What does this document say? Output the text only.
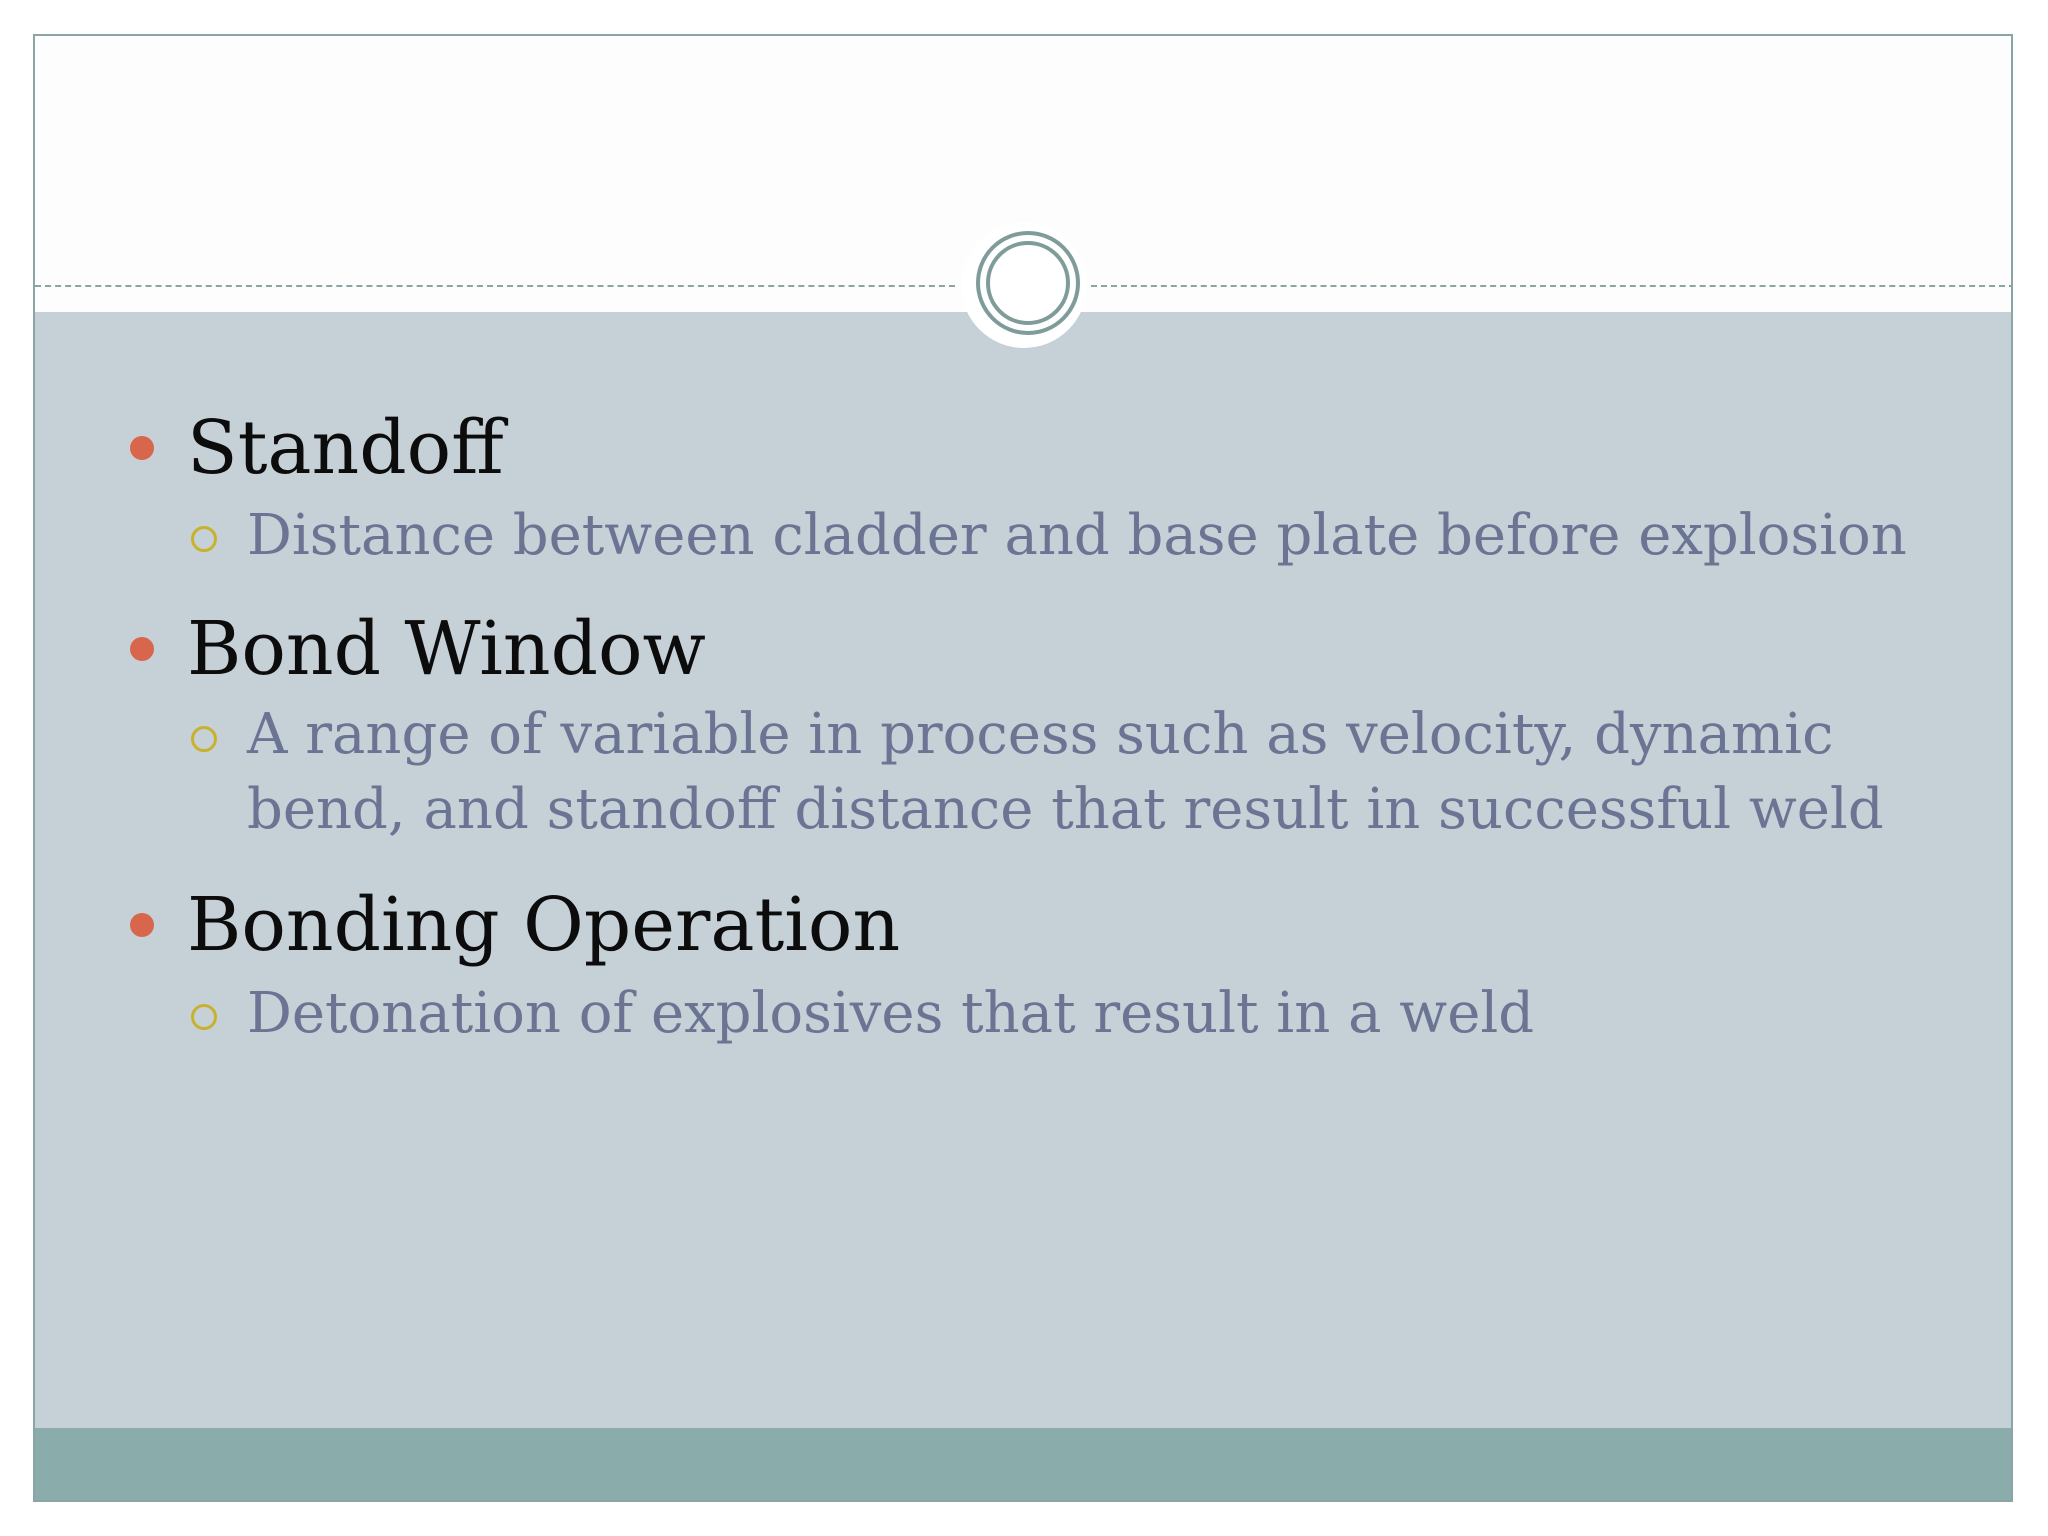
Standoff
Distance between cladder and base plate before explosion
Bond Window
A range of variable in process such as velocity, dynamic bend, and standoff distance that result in successful weld
Bonding Operation
Detonation of explosives that result in a weld
